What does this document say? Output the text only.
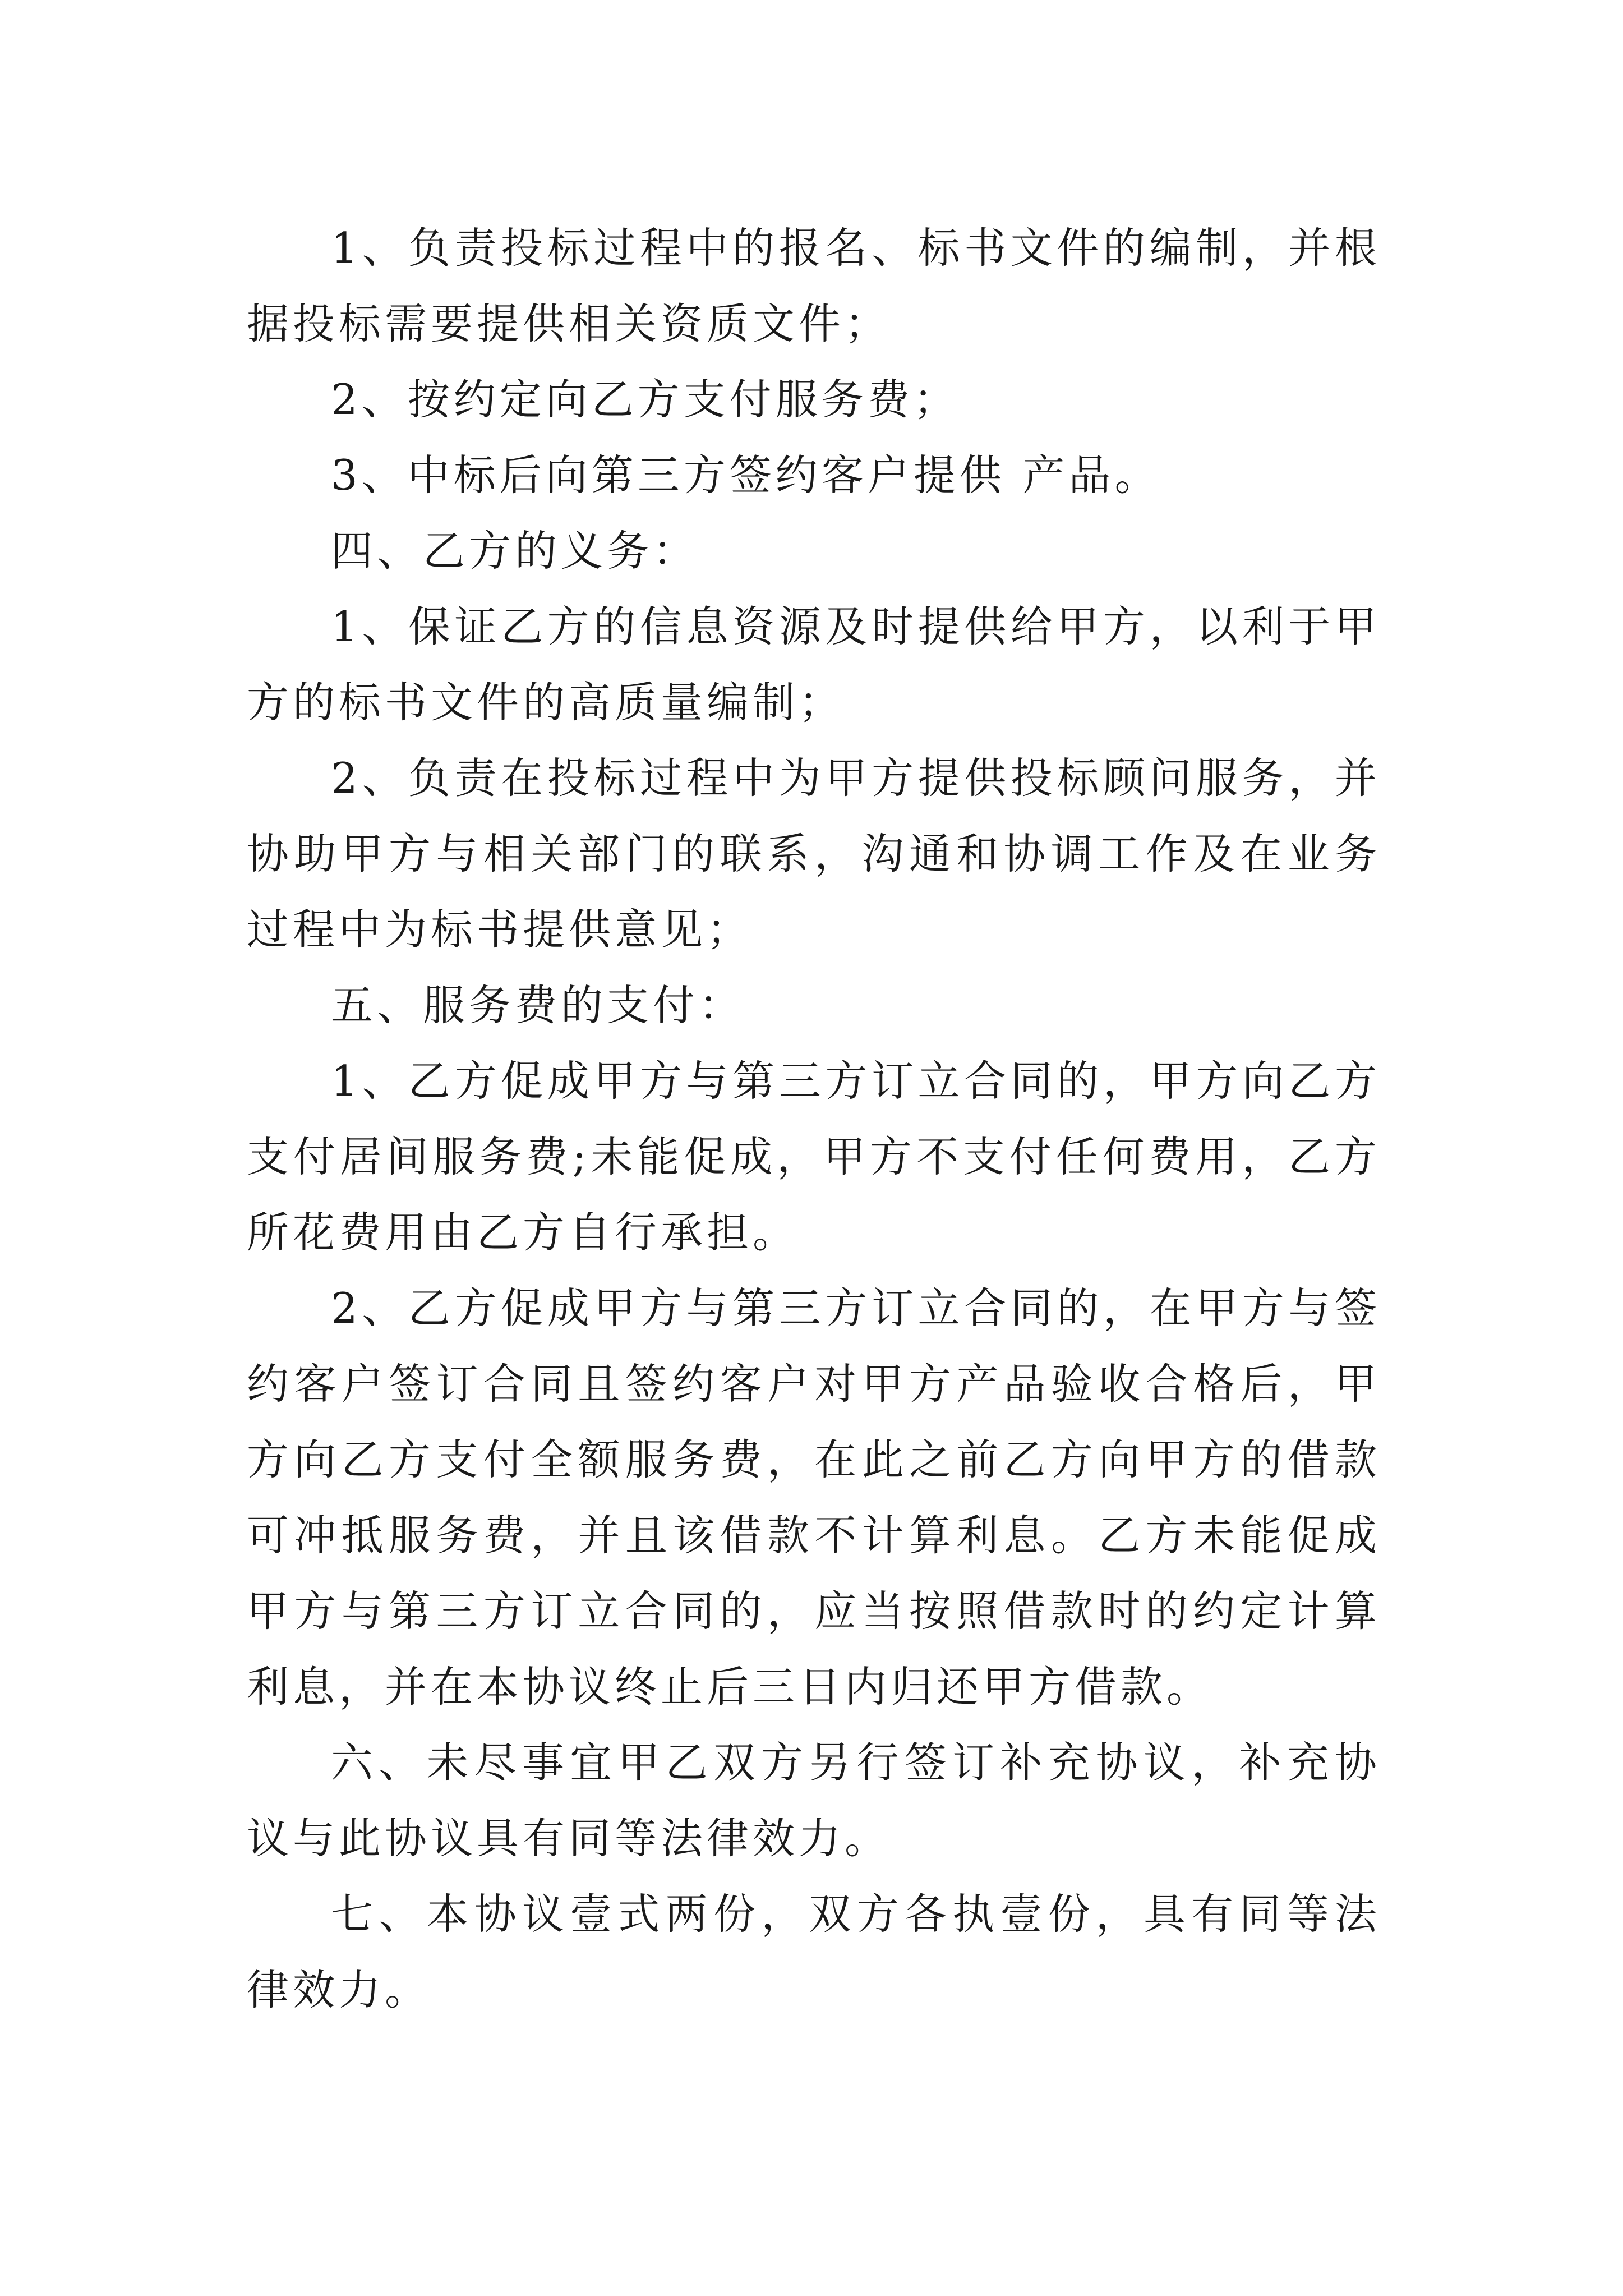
1、负责投标过程中的报名、标书文件的编制，并根据投标需要提供相关资质文件；

2、按约定向乙方支付服务费；

3、中标后向第三方签约客户提供 产品。

四、乙方的义务：

1、保证乙方的信息资源及时提供给甲方，以利于甲方的标书文件的高质量编制；

2、负责在投标过程中为甲方提供投标顾问服务，并协助甲方与相关部门的联系，沟通和协调工作及在业务过程中为标书提供意见；

五、服务费的支付：

1、乙方促成甲方与第三方订立合同的，甲方向乙方支付居间服务费;未能促成，甲方不支付任何费用，乙方所花费用由乙方自行承担。

2、乙方促成甲方与第三方订立合同的，在甲方与签约客户签订合同且签约客户对甲方产品验收合格后，甲方向乙方支付全额服务费，在此之前乙方向甲方的借款可冲抵服务费，并且该借款不计算利息。乙方未能促成甲方与第三方订立合同的，应当按照借款时的约定计算利息，并在本协议终止后三日内归还甲方借款。

六、未尽事宜甲乙双方另行签订补充协议，补充协议与此协议具有同等法律效力。

七、本协议壹式两份，双方各执壹份，具有同等法律效力。
